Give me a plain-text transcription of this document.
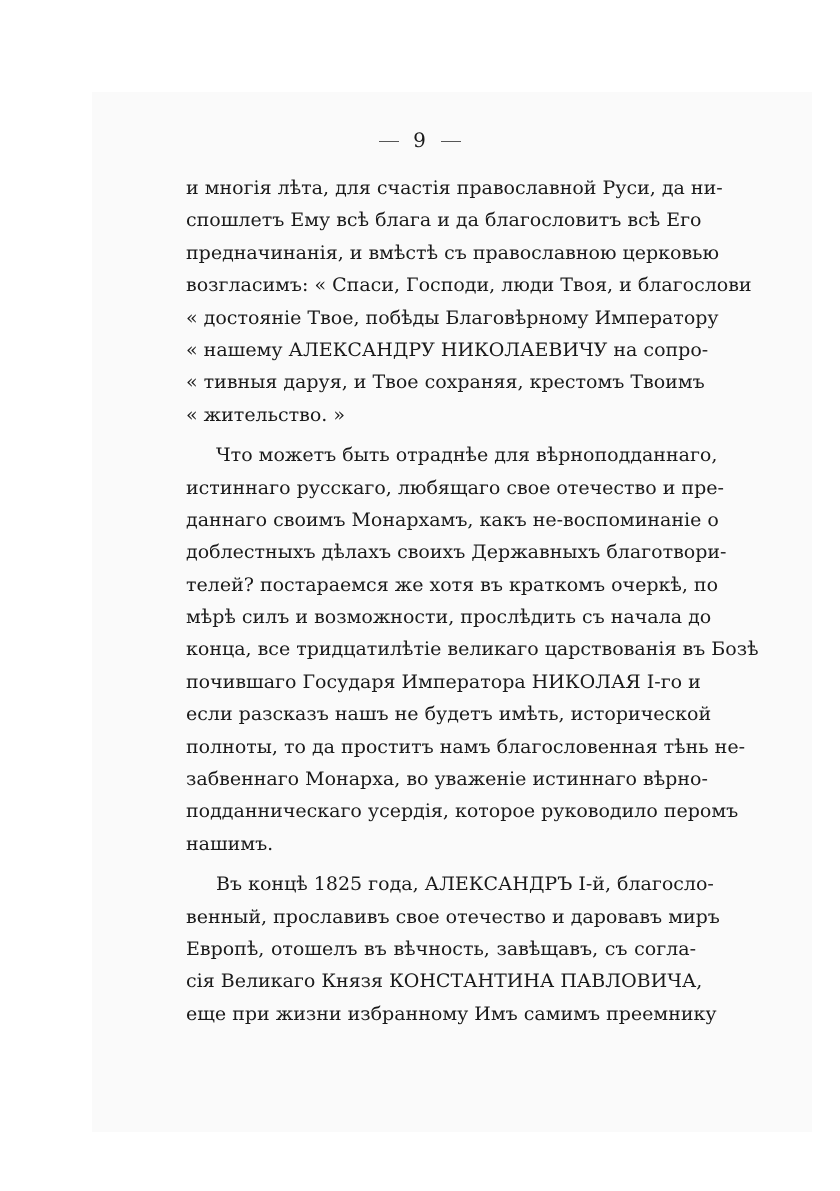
9
и многія лѣта, для счастія православной Руси, да ни-
спошлетъ Ему всѣ блага и да благословитъ всѣ Его
предначинанія, и вмѣстѣ съ православною церковью
возгласимъ: « Спаси, Господи, люди Твоя, и благослови
« достояніе Твое, побѣды Благовѣрному Императору
« нашему АЛЕКСАНДРУ НИКОЛАЕВИЧУ на сопро-
« тивныя даруя, и Твое сохраняя, крестомъ Твоимъ
« жительство. »
Что можетъ быть отраднѣе для вѣрноподданнаго,
истиннаго русскаго, любящаго свое отечество и пре-
даннаго своимъ Монархамъ, какъ не-воспоминаніе о
доблестныхъ дѣлахъ своихъ Державныхъ благотвори-
телей? постараемся же хотя въ краткомъ очеркѣ, по
мѣрѣ силъ и возможности, прослѣдить съ начала до
конца, все тридцатилѣтіе великаго царствованія въ Бозѣ
почившаго Государя Императора НИКОЛАЯ I-го и
если разсказъ нашъ не будетъ имѣть, исторической
полноты, то да проститъ намъ благословенная тѣнь не-
забвеннаго Монарха, во уваженіе истиннаго вѣрно-
подданническаго усердія, которое руководило перомъ
нашимъ.
Въ концѣ 1825 года, АЛЕКСАНДРЪ I-й, благосло-
венный, прославивъ свое отечество и даровавъ миръ
Европѣ, отошелъ въ вѣчность, завѣщавъ, съ согла-
сія Великаго Князя КОНСТАНТИНА ПАВЛОВИЧА,
еще при жизни избранному Имъ самимъ преемнику
